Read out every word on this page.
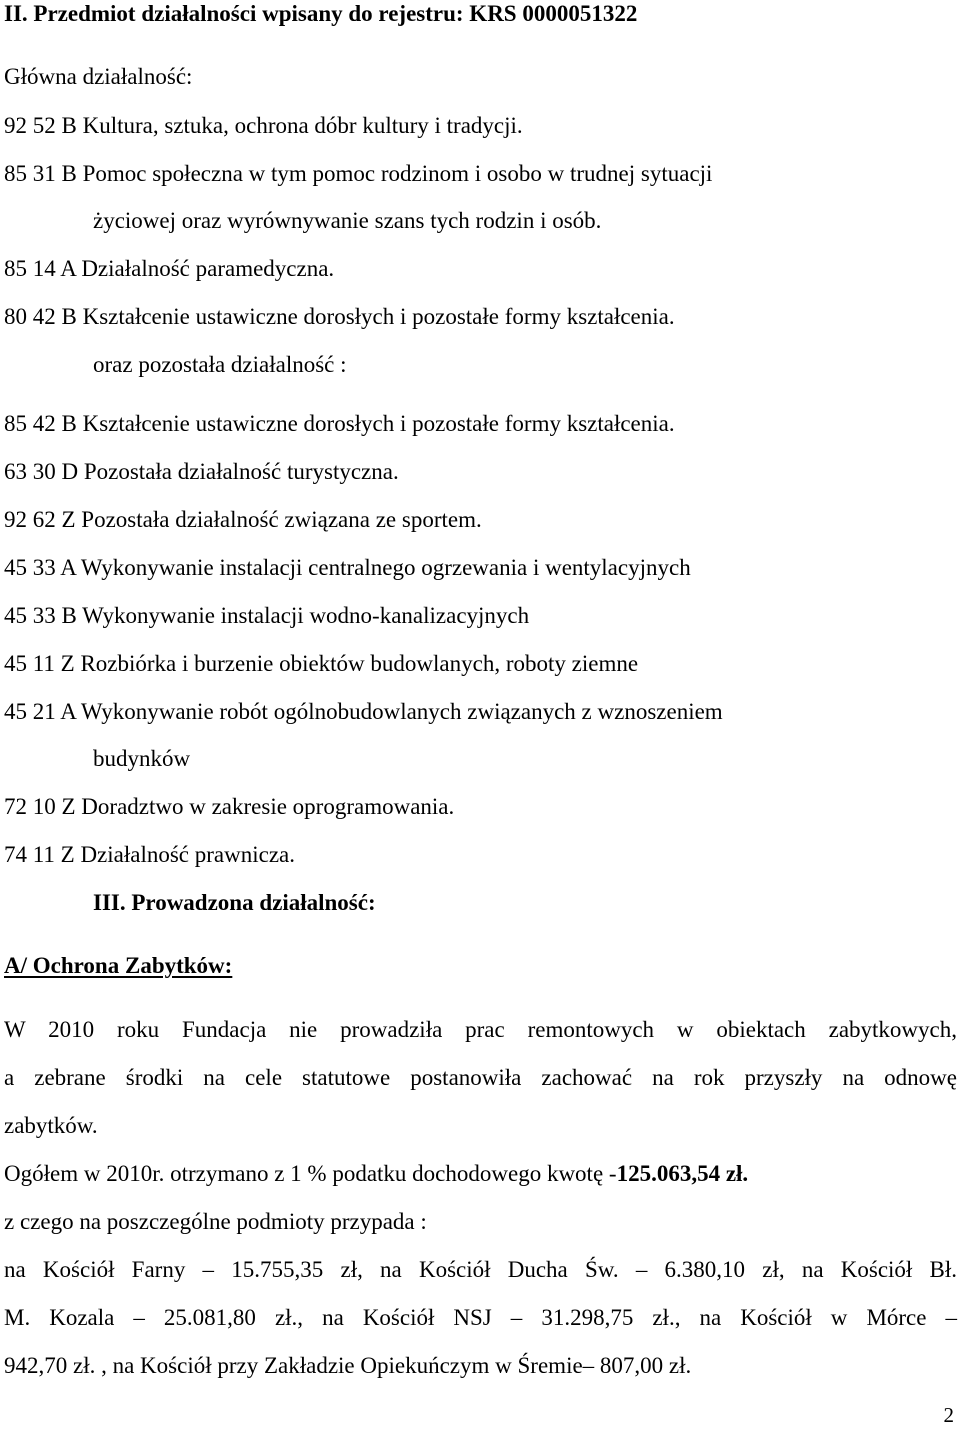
II. Przedmiot działalności wpisany do rejestru: KRS 0000051322
Główna działalność:
92 52 B Kultura, sztuka, ochrona dóbr kultury i tradycji.
85 31 B Pomoc społeczna w tym pomoc rodzinom i osobo w trudnej sytuacji
życiowej oraz wyrównywanie szans tych rodzin i osób.
85 14 A Działalność paramedyczna.
80 42 B Kształcenie ustawiczne dorosłych i pozostałe formy kształcenia.
oraz pozostała działalność :
85 42 B Kształcenie ustawiczne dorosłych i pozostałe formy kształcenia.
63 30 D Pozostała działalność turystyczna.
92 62 Z Pozostała działalność związana ze sportem.
45 33 A Wykonywanie instalacji centralnego ogrzewania i wentylacyjnych
45 33 B Wykonywanie instalacji wodno-kanalizacyjnych
45 11 Z Rozbiórka i burzenie obiektów budowlanych, roboty ziemne
45 21 A Wykonywanie robót ogólnobudowlanych związanych z wznoszeniem
budynków
72 10 Z Doradztwo w zakresie oprogramowania.
74 11 Z Działalność prawnicza.
III. Prowadzona działalność:
A/ Ochrona Zabytków:
W 2010 roku Fundacja nie prowadziła prac remontowych w obiektach zabytkowych,
a zebrane środki na cele statutowe postanowiła zachować na rok przyszły na odnowę
zabytków.
Ogółem w 2010r. otrzymano z 1 % podatku dochodowego kwotę -125.063,54 zł.
z czego na poszczególne podmioty przypada :
na Kościół Farny – 15.755,35 zł, na Kościół Ducha Św. – 6.380,10 zł, na Kościół Bł.
M. Kozala – 25.081,80 zł., na Kościół NSJ – 31.298,75 zł., na Kościół w Mórce –
942,70 zł. , na Kościół przy Zakładzie Opiekuńczym w Śremie– 807,00 zł.
2
